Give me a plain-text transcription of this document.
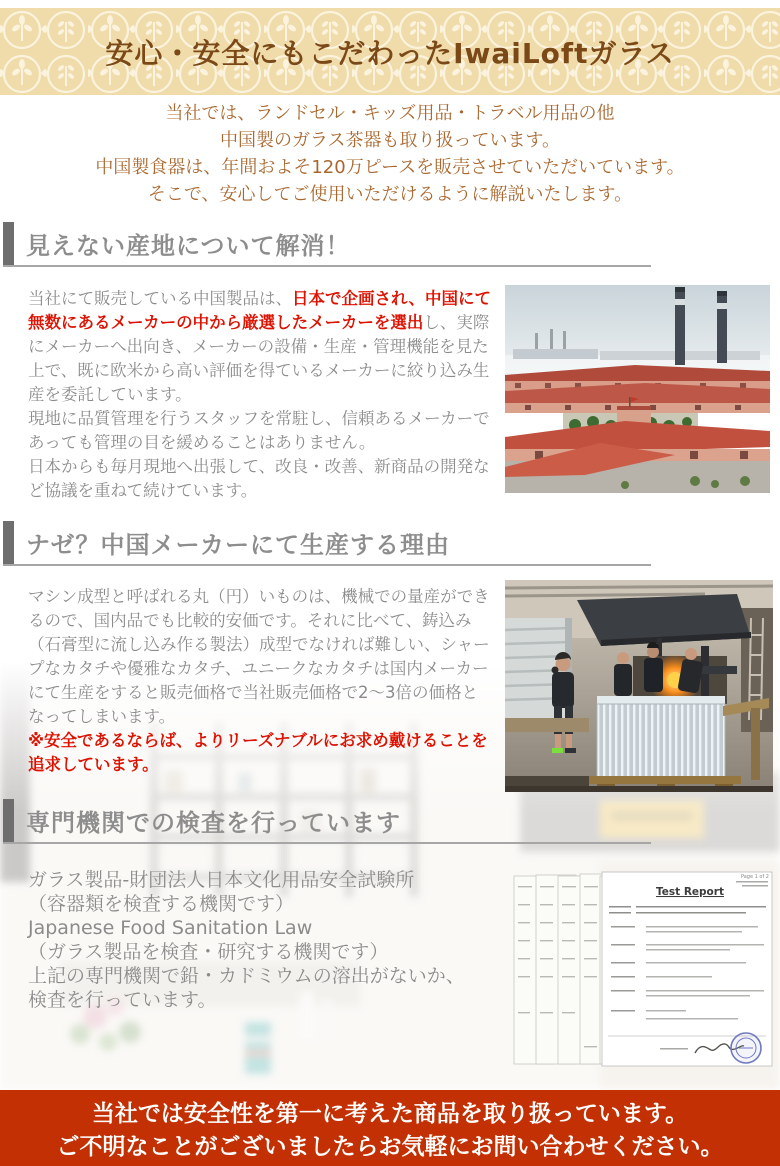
安心・安全にもこだわったIwaiLoftガラス
当社では、ランドセル・キッズ用品・トラベル用品の他
中国製のガラス茶器も取り扱っています。
中国製食器は、年間およそ120万ピースを販売させていただいています。
そこで、安心してご使用いただけるように解説いたします。
見えない産地について解消！

当社にて販売している中国製品は、日本で企画され、中国にて無数にあるメーカーの中から厳選したメーカーを選出し、実際にメーカーへ出向き、メーカーの設備・生産・管理機能を見た上で、既に欧米から高い評価を得ているメーカーに絞り込み生産を委託しています。

現地に品質管理を行うスタッフを常駐し、信頼あるメーカーであっても管理の目を緩めることはありません。

日本からも毎月現地へ出張して、改良・改善、新商品の開発など協議を重ねて続けています。

ナゼ？中国メーカーにて生産する理由

マシン成型と呼ばれる丸（円）いものは、機械での量産ができるので、国内品でも比較的安価です。それに比べて、鋳込み（石膏型に流し込み作る製法）成型でなければ難しい、シャープなカタチや優雅なカタチ、ユニークなカタチは国内メーカーにて生産をすると販売価格で当社販売価格で2〜3倍の価格となってしまいます。

※安全であるならば、よりリーズナブルにお求め戴けることを追求しています。

専門機関での検査を行っています
ガラス製品-財団法人日本文化用品安全試験所
（容器類を検査する機関です）
Japanese Food Sanitation Law
（ガラス製品を検査・研究する機関です）
上記の専門機関で鉛・カドミウムの溶出がないか、
検査を行っています。
Page 1 of 2
Test Report
当社では安全性を第一に考えた商品を取り扱っています。
ご不明なことがございましたらお気軽にお問い合わせください。
